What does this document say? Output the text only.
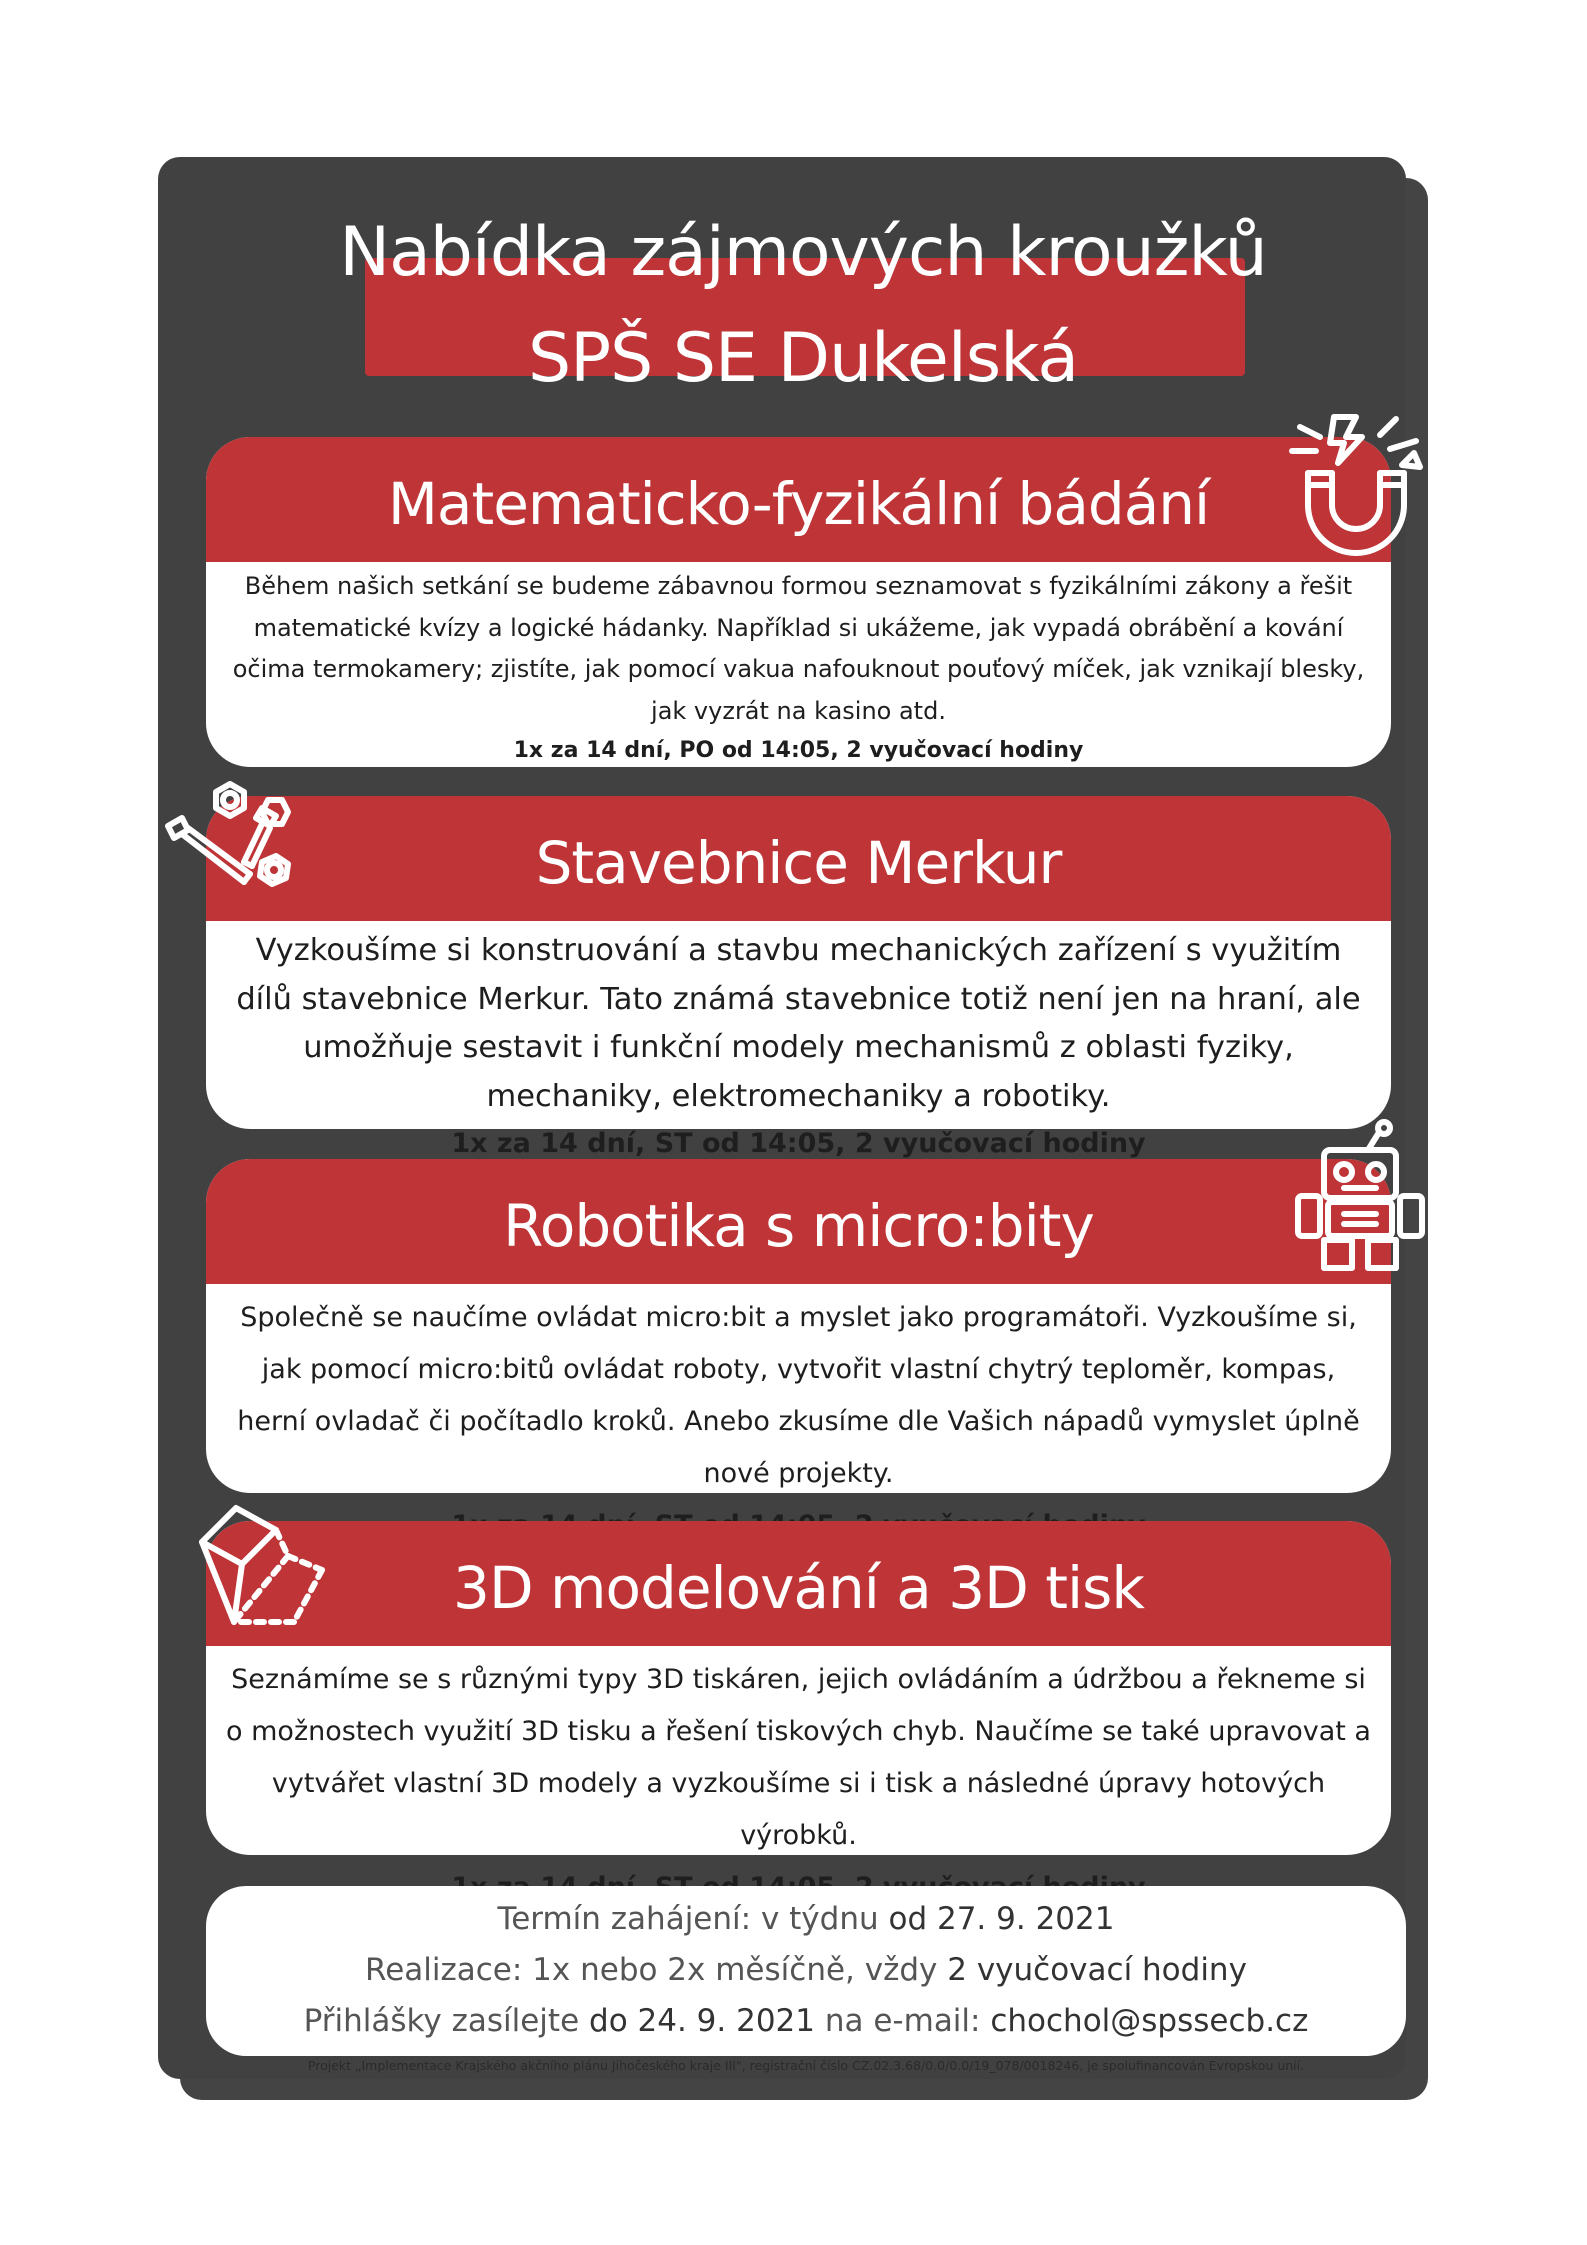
Nabídka zájmových kroužků
SPŠ SE Dukelská
Matematicko-fyzikální bádání
Během našich setkání se budeme zábavnou formou seznamovat s fyzikálními zákony a řešit matematické kvízy a logické hádanky. Například si ukážeme, jak vypadá obrábění a kování očima termokamery; zjistíte, jak pomocí vakua nafouknout pouťový míček, jak vznikají blesky, jak vyzrát na kasino atd.
1x za 14 dní, PO od 14:05, 2 vyučovací hodiny
Stavebnice Merkur
Vyzkoušíme si konstruování a stavbu mechanických zařízení s využitím dílů stavebnice Merkur. Tato známá stavebnice totiž není jen na hraní, ale umožňuje sestavit i funkční modely mechanismů z oblasti fyziky, mechaniky, elektromechaniky a robotiky.
1x za 14 dní, ST od 14:05, 2 vyučovací hodiny
Robotika s micro:bity
Společně se naučíme ovládat micro:bit a myslet jako programátoři. Vyzkoušíme si, jak pomocí micro:bitů ovládat roboty, vytvořit vlastní chytrý teploměr, kompas, herní ovladač či počítadlo kroků. Anebo zkusíme dle Vašich nápadů vymyslet úplně nové projekty.
3D modelování a 3D tisk
Seznámíme se s různými typy 3D tiskáren, jejich ovládáním a údržbou a řekneme si o možnostech využití 3D tisku a řešení tiskových chyb. Naučíme se také upravovat a vytvářet vlastní 3D modely a vyzkoušíme si i tisk a následné úpravy hotových výrobků.
Termín zahájení: v týdnu od 27. 9. 2021
Realizace: 1x nebo 2x měsíčně, vždy 2 vyučovací hodiny
Přihlášky zasílejte do 24. 9. 2021 na e-mail: chochol@spssecb.cz
Projekt „Implementace Krajského akčního plánu Jihočeského kraje III", registrační číslo CZ.02.3.68/0.0/0.0/19_078/0018246, je spolufinancován Evropskou unií.
